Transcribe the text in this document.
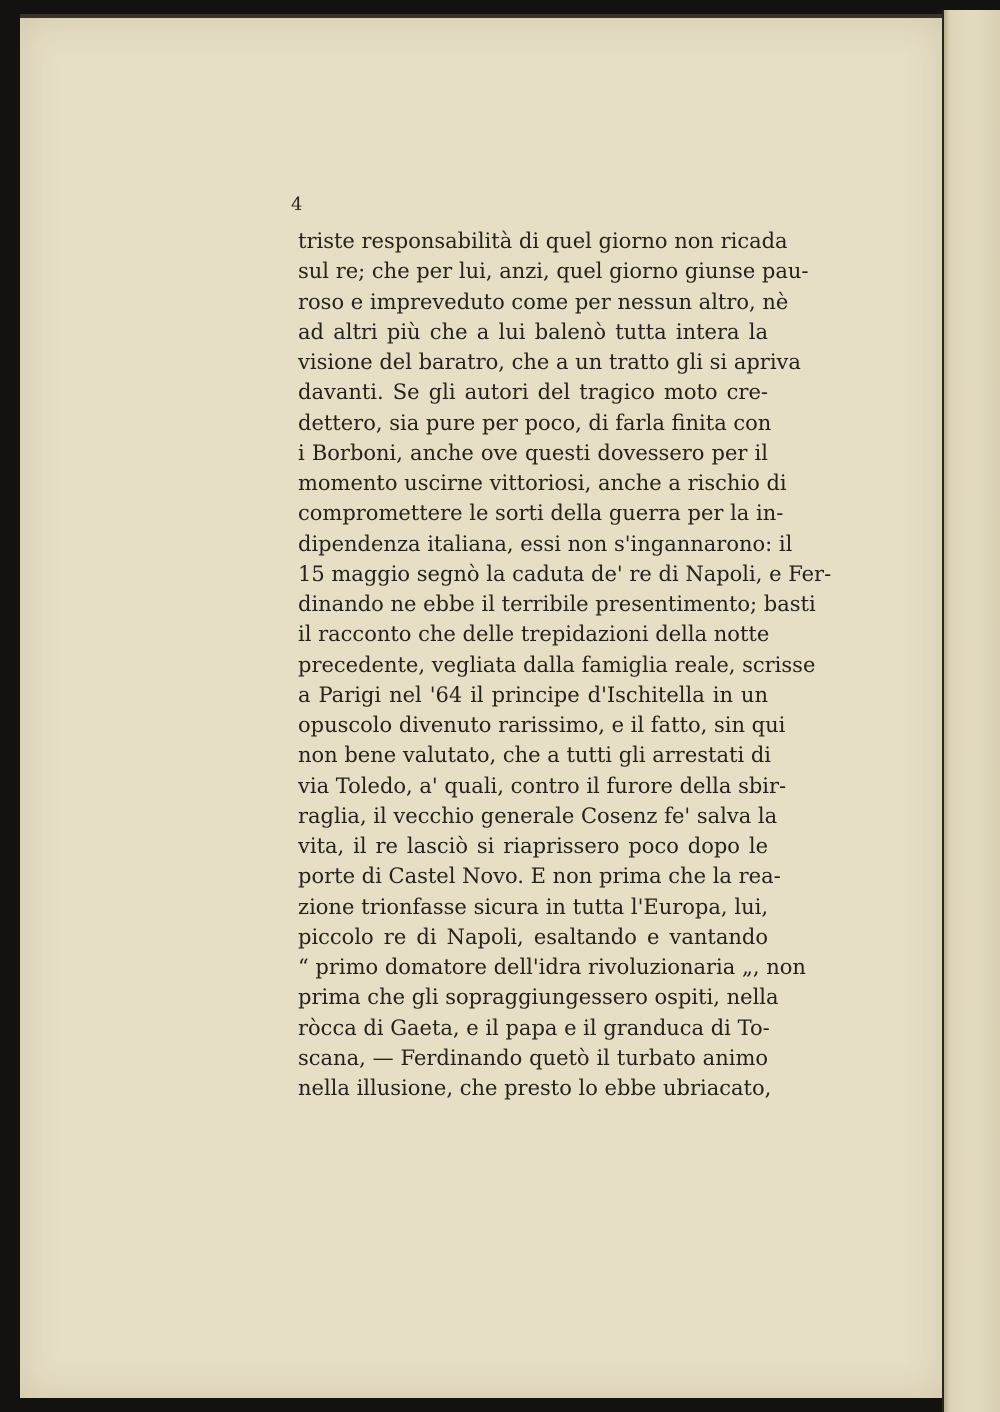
4
triste responsabilità di quel giorno non ricada
sul re; che per lui, anzi, quel giorno giunse pau-
roso e impreveduto come per nessun altro, nè
ad altri più che a lui balenò tutta intera la
visione del baratro, che a un tratto gli si apriva
davanti. Se gli autori del tragico moto cre-
dettero, sia pure per poco, di farla finita con
i Borboni, anche ove questi dovessero per il
momento uscirne vittoriosi, anche a rischio di
compromettere le sorti della guerra per la in-
dipendenza italiana, essi non s'ingannarono: il
15 maggio segnò la caduta de' re di Napoli, e Fer-
dinando ne ebbe il terribile presentimento; basti
il racconto che delle trepidazioni della notte
precedente, vegliata dalla famiglia reale, scrisse
a Parigi nel '64 il principe d'Ischitella in un
opuscolo divenuto rarissimo, e il fatto, sin qui
non bene valutato, che a tutti gli arrestati di
via Toledo, a' quali, contro il furore della sbir-
raglia, il vecchio generale Cosenz fe' salva la
vita, il re lasciò si riaprissero poco dopo le
porte di Castel Novo. E non prima che la rea-
zione trionfasse sicura in tutta l'Europa, lui,
piccolo re di Napoli, esaltando e vantando
“ primo domatore dell'idra rivoluzionaria „, non
prima che gli sopraggiungessero ospiti, nella
ròcca di Gaeta, e il papa e il granduca di To-
scana, — Ferdinando quetò il turbato animo
nella illusione, che presto lo ebbe ubriacato,
